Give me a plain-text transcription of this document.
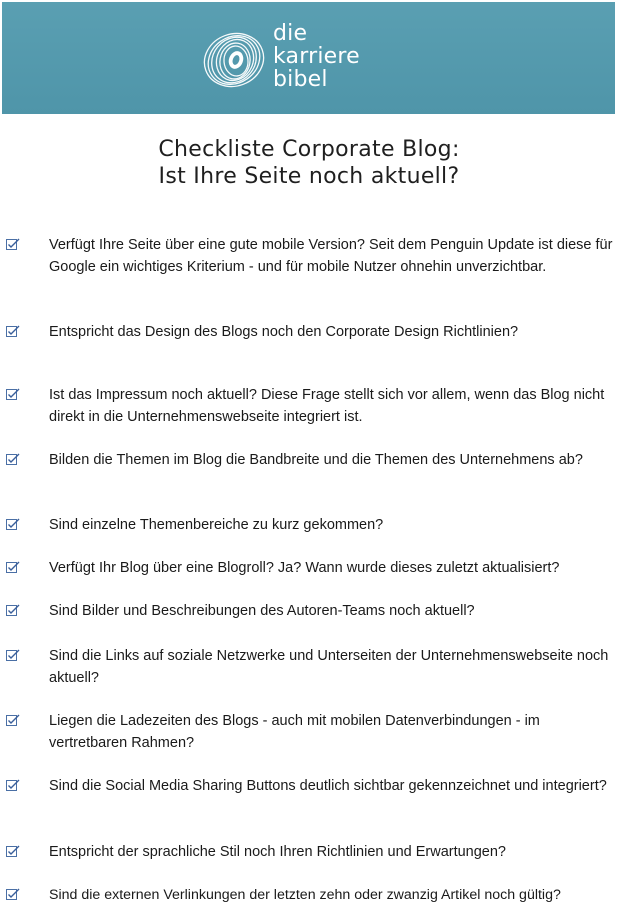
die
karriere
bibel
Checkliste Corporate Blog:
Ist Ihre Seite noch aktuell?
Verfügt Ihre Seite über eine gute mobile Version? Seit dem Penguin Update ist diese für Google ein wichtiges Kriterium - und für mobile Nutzer ohnehin unverzichtbar.
Entspricht das Design des Blogs noch den Corporate Design Richtlinien?
Ist das Impressum noch aktuell? Diese Frage stellt sich vor allem, wenn das Blog nicht direkt in die Unternehmenswebseite integriert ist.
Bilden die Themen im Blog die Bandbreite und die Themen des Unternehmens ab?
Sind einzelne Themenbereiche zu kurz gekommen?
Verfügt Ihr Blog über eine Blogroll? Ja? Wann wurde dieses zuletzt aktualisiert?
Sind Bilder und Beschreibungen des Autoren-Teams noch aktuell?
Sind die Links auf soziale Netzwerke und Unterseiten der Unternehmenswebseite noch aktuell?
Liegen die Ladezeiten des Blogs - auch mit mobilen Datenverbindungen - im vertretbaren Rahmen?
Sind die Social Media Sharing Buttons deutlich sichtbar gekennzeichnet und integriert?
Entspricht der sprachliche Stil noch Ihren Richtlinien und Erwartungen?
Sind die externen Verlinkungen der letzten zehn oder zwanzig Artikel noch gültig?
